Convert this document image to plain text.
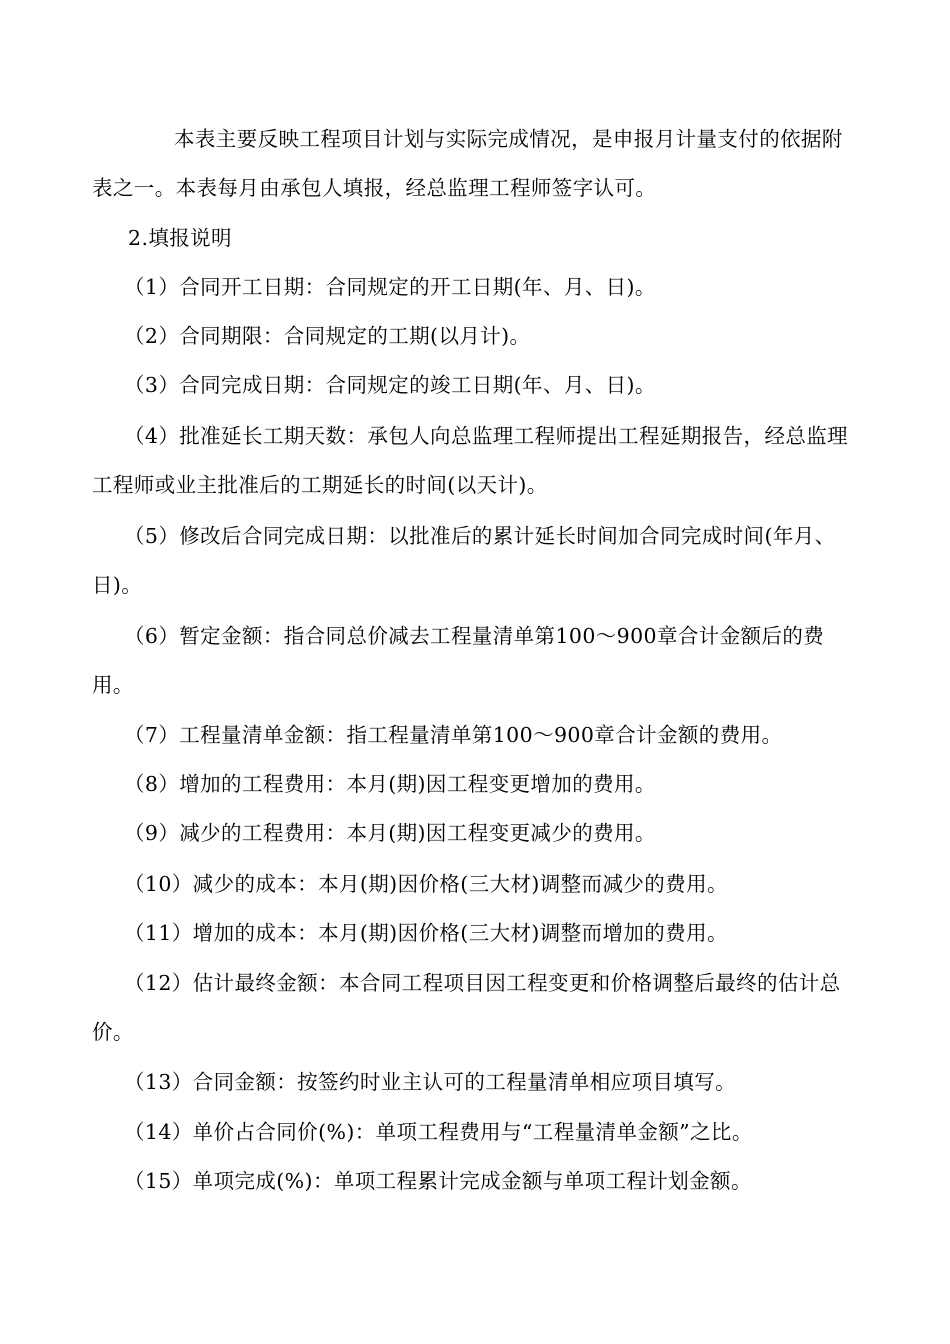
本表主要反映工程项目计划与实际完成情况，是申报月计量支付的依据附表之一。本表每月由承包人填报，经总监理工程师签字认可。

2.填报说明

（1）合同开工日期：合同规定的开工日期(年、月、日)。

（2）合同期限：合同规定的工期(以月计)。

（3）合同完成日期：合同规定的竣工日期(年、月、日)。

（4）批准延长工期天数：承包人向总监理工程师提出工程延期报告，经总监理工程师或业主批准后的工期延长的时间(以天计)。

（5）修改后合同完成日期：以批准后的累计延长时间加合同完成时间(年月、日)。

（6）暂定金额：指合同总价减去工程量清单第100～900章合计金额后的费用。

（7）工程量清单金额：指工程量清单第100～900章合计金额的费用。

（8）增加的工程费用：本月(期)因工程变更增加的费用。

（9）减少的工程费用：本月(期)因工程变更减少的费用。

（10）减少的成本：本月(期)因价格(三大材)调整而减少的费用。

（11）增加的成本：本月(期)因价格(三大材)调整而增加的费用。

（12）估计最终金额：本合同工程项目因工程变更和价格调整后最终的估计总价。

（13）合同金额：按签约时业主认可的工程量清单相应项目填写。

（14）单价占合同价(%)：单项工程费用与“工程量清单金额”之比。

（15）单项完成(%)：单项工程累计完成金额与单项工程计划金额。
